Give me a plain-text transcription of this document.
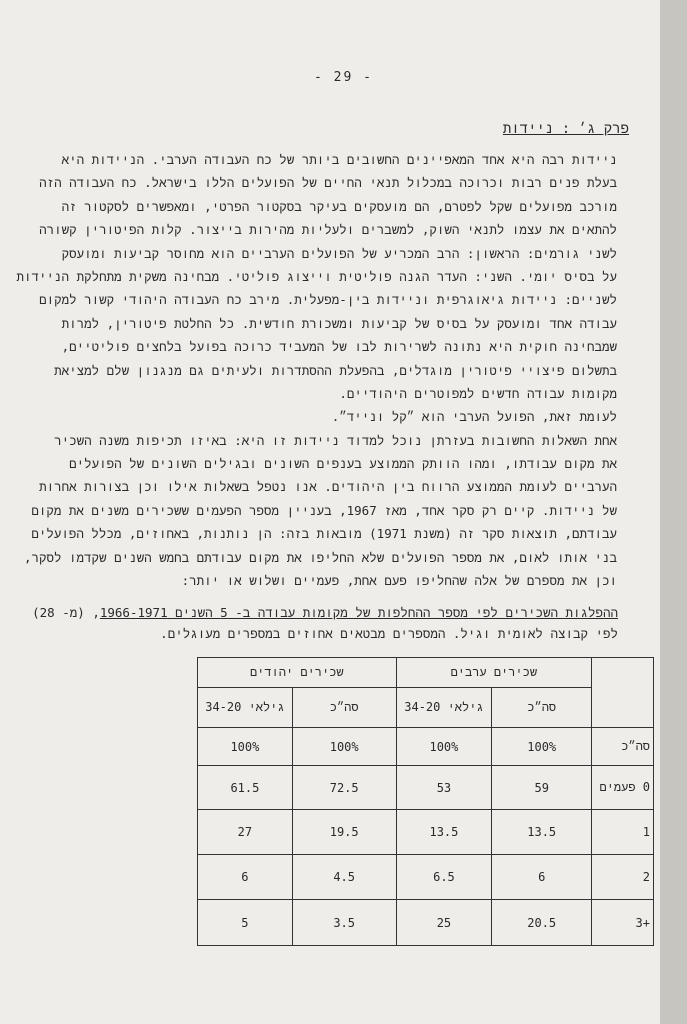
- 29 -
פרק ג׳ : ניידות
ניידות רבה היא אחד המאפיינים החשובים ביותר של כח העבודה הערבי. הניידות היא
בעלת פנים רבות וכרוכה במכלול תנאי החיים של הפועלים הללו בישראל. כח העבודה הזה
מורכב מפועלים שקל לפטרם, הם מועסקים בעיקר בסקטור הפרטי, ומאפשרים לסקטור זה
להתאים את עצמו לתנאי השוק, למשברים ולעליות מהירות בייצור. קלות הפיטורין קשורה
לשני גורמים: הראשון: הרב המכריע של הפועלים הערביים הוא מחוסר קביעות ומועסק
על בסיס יומי. השני: העדר הגנה פוליטית וייצוג פוליטי. מבחינה משקית מתחלקת הניידות
לשניים: ניידות גיאוגרפית וניידות בין-מפעלית. מירב כח העבודה היהודי קשור למקום
עבודה אחד ומועסק על בסיס של קביעות ומשכורת חודשית. כל החלטת פיטורין, למרות
שמבחינה חוקית היא נתונה לשרירות לבו של המעביד כרוכה בפועל בלחצים פוליטיים,
בתשלום פיצויי פיטורין מוגדלים, בהפעלת ההסתדרות ולעיתים גם מנגנון שלם למציאת
מקומות עבודה חדשים למפוטרים היהודיים.
לעומת זאת, הפועל הערבי הוא ״קל ונייד״.
אחת השאלות החשובות בעזרתן נוכל למדוד ניידות זו היא: באיזו תכיפות משנה השכיר
את מקום עבודתו, ומהו הוותק הממוצע בענפים השונים ובגילים השונים של הפועלים
הערביים לעומת הממוצע הרווח בין היהודים. אנו נטפל בשאלות אילו וכן בצורות אחרות
של ניידות. קיים רק סקר אחד, מאז 1967, בעניין מספר הפעמים ששכירים משנים את מקום
עבודתם, תוצאות סקר זה (משנת 1971) מובאות בזה: הן נותנות, באחוזים, מכלל הפועלים
בני אותו לאום, את מספר הפועלים שלא החליפו את מקום עבודתם בחמש השנים שקדמו לסקר,
וכן את מספרם של אלה שהחליפו פעם אחת, פעמיים ושלוש או יותר:
ההפלגות השכירים לפי מספר ההחלפות של מקומות עבודה ב- 5 השנים 1966-1971, (מ- 28)
לפי קבוצה לאומית וגיל. המספרים מבטאים אחוזים במספרים מעוגלים.
	שכירים ערבים		שכירים יהודים	
	סה״כ	גילאי 34-20	סה״כ	גילאי 34-20
סה״כ	100%	100%	100%	100%
0 פעמים	59	53	72.5	61.5
1	13.5	13.5	19.5	27
2	6	6.5	4.5	6
+3	20.5	25	3.5	5
